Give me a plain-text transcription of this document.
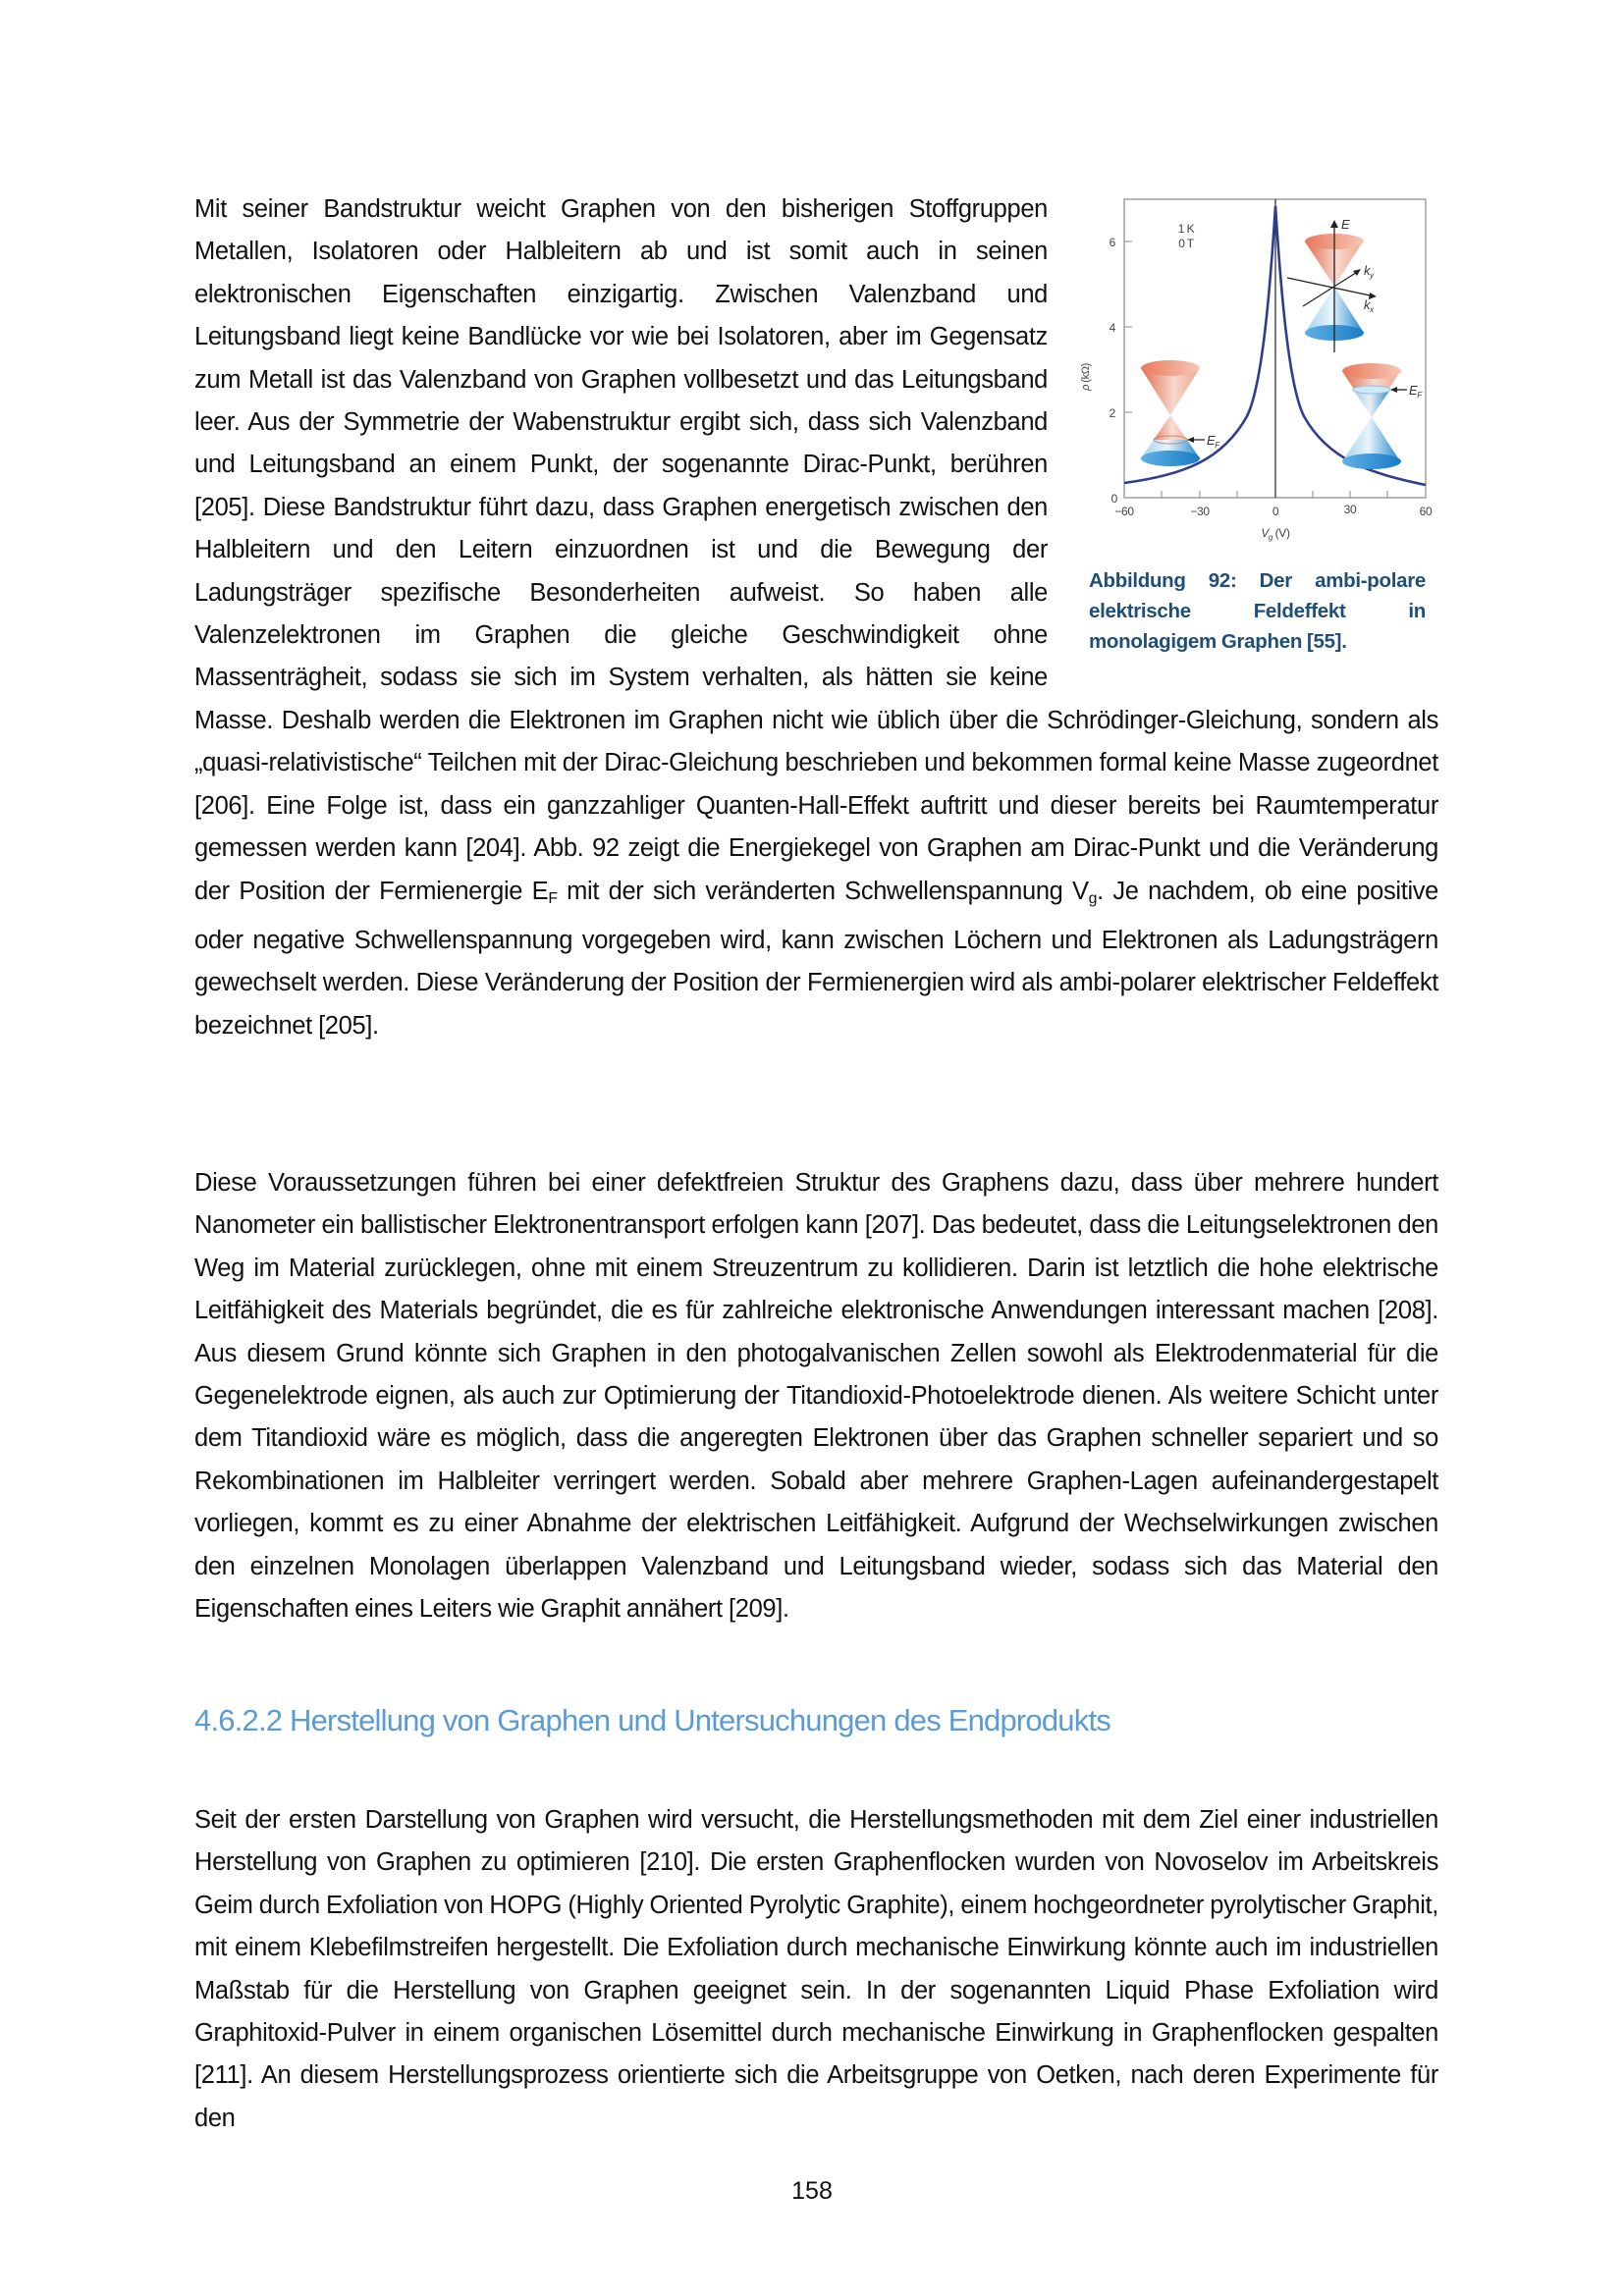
6
4
2
0
−60	−30	0	30	60
$V_g$ (V)
ρ (kΩ)
1 K
0 T
E
$k_y$
$k_x$
$E_F$
$E_F$
Abbildung 92: Der ambi-polare elektrische Feldeffekt in monolagigem Graphen [55].
Mit seiner Bandstruktur weicht Graphen von den bisherigen Stoffgruppen Metallen, Isolatoren oder Halbleitern ab und ist somit auch in seinen elektronischen Eigenschaften einzigartig. Zwischen Valenzband und Leitungsband liegt keine Bandlücke vor wie bei Isolatoren, aber im Gegensatz zum Metall ist das Valenzband von Graphen vollbesetzt und das Leitungsband leer. Aus der Symmetrie der Wabenstruktur ergibt sich, dass sich Valenzband und Leitungsband an einem Punkt, der sogenannte Dirac-Punkt, berühren [205]. Diese Bandstruktur führt dazu, dass Graphen energetisch zwischen den Halbleitern und den Leitern einzuordnen ist und die Bewegung der Ladungsträger spezifische Besonderheiten aufweist. So haben alle Valenzelektronen im Graphen die gleiche Geschwindigkeit ohne Massenträgheit, sodass sie sich im System verhalten, als hätten sie keine Masse. Deshalb werden die Elektronen im Graphen nicht wie üblich über die Schrödinger-Gleichung, sondern als „quasi-relativistische“ Teilchen mit der Dirac-Gleichung beschrieben und bekommen formal keine Masse zugeordnet [206]. Eine Folge ist, dass ein ganzzahliger Quanten-Hall-Effekt auftritt und dieser bereits bei Raumtemperatur gemessen werden kann [204]. Abb. 92 zeigt die Energiekegel von Graphen am Dirac-Punkt und die Veränderung der Position der Fermienergie $E_F$ mit der sich veränderten Schwellenspannung $V_g$. Je nachdem, ob eine positive oder negative Schwellenspannung vorgegeben wird, kann zwischen Löchern und Elektronen als Ladungsträgern gewechselt werden. Diese Veränderung der Position der Fermienergien wird als ambi-polarer elektrischer Feldeffekt bezeichnet [205].

Diese Voraussetzungen führen bei einer defektfreien Struktur des Graphens dazu, dass über mehrere hundert Nanometer ein ballistischer Elektronentransport erfolgen kann [207]. Das bedeutet, dass die Leitungselektronen den Weg im Material zurücklegen, ohne mit einem Streuzentrum zu kollidieren. Darin ist letztlich die hohe elektrische Leitfähigkeit des Materials begründet, die es für zahlreiche elektronische Anwendungen interessant machen [208]. Aus diesem Grund könnte sich Graphen in den photogalvanischen Zellen sowohl als Elektrodenmaterial für die Gegenelektrode eignen, als auch zur Optimierung der Titandioxid-Photoelektrode dienen. Als weitere Schicht unter dem Titandioxid wäre es möglich, dass die angeregten Elektronen über das Graphen schneller separiert und so Rekombinationen im Halbleiter verringert werden. Sobald aber mehrere Graphen-Lagen aufeinandergestapelt vorliegen, kommt es zu einer Abnahme der elektrischen Leitfähigkeit. Aufgrund der Wechselwirkungen zwischen den einzelnen Monolagen überlappen Valenzband und Leitungsband wieder, sodass sich das Material den Eigenschaften eines Leiters wie Graphit annähert [209].

4.6.2.2 Herstellung von Graphen und Untersuchungen des Endprodukts

Seit der ersten Darstellung von Graphen wird versucht, die Herstellungsmethoden mit dem Ziel einer industriellen Herstellung von Graphen zu optimieren [210]. Die ersten Graphenflocken wurden von Novoselov im Arbeitskreis Geim durch Exfoliation von HOPG (Highly Oriented Pyrolytic Graphite), einem hochgeordneter pyrolytischer Graphit, mit einem Klebefilmstreifen hergestellt. Die Exfoliation durch mechanische Einwirkung könnte auch im industriellen Maßstab für die Herstellung von Graphen geeignet sein. In der sogenannten Liquid Phase Exfoliation wird Graphitoxid-Pulver in einem organischen Lösemittel durch mechanische Einwirkung in Graphenflocken gespalten [211]. An diesem Herstellungsprozess orientierte sich die Arbeitsgruppe von Oetken, nach deren Experimente für den

158
